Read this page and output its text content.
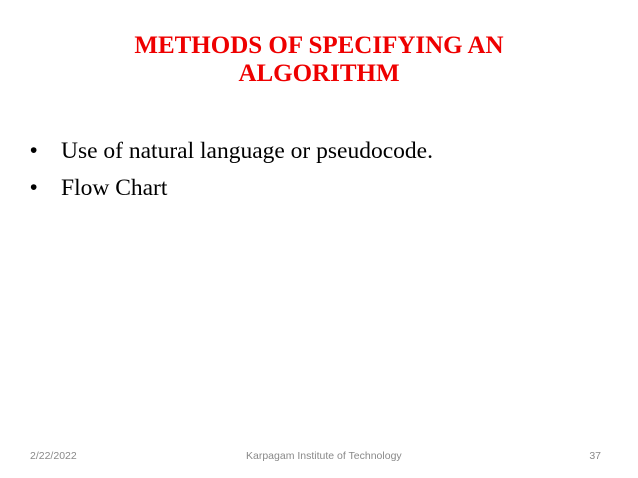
METHODS OF SPECIFYING AN
ALGORITHM
• Use of natural language or pseudocode.
• Flow Chart
2/22/2022	Karpagam Institute of Technology	37
